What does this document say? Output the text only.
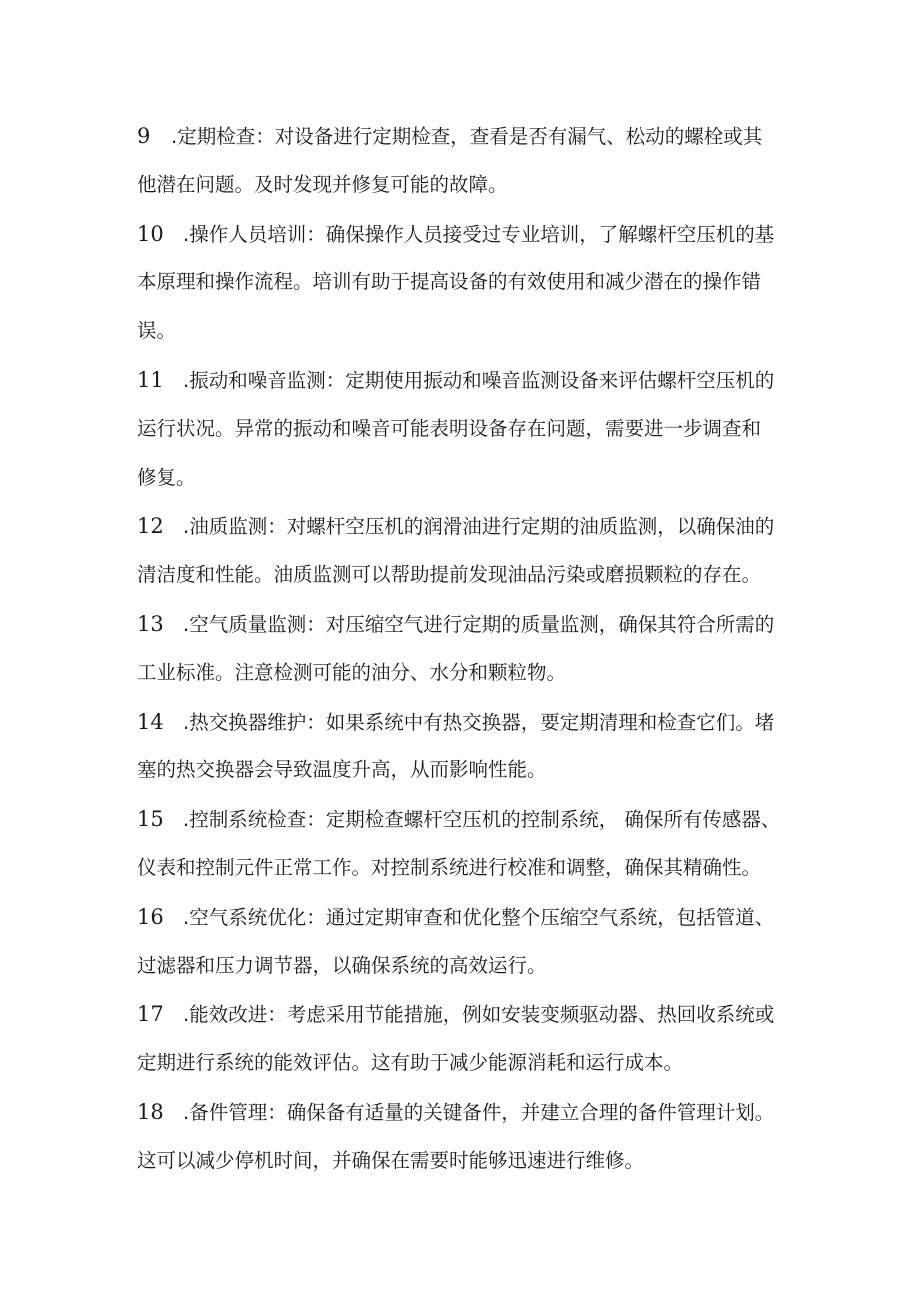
9 .定期检查：对设备进行定期检查，查看是否有漏气、松动的螺栓或其
他潜在问题。及时发现并修复可能的故障。
10 .操作人员培训：确保操作人员接受过专业培训，了解螺杆空压机的基
本原理和操作流程。培训有助于提高设备的有效使用和减少潜在的操作错
误。
11 .振动和噪音监测：定期使用振动和噪音监测设备来评估螺杆空压机的
运行状况。异常的振动和噪音可能表明设备存在问题，需要进一步调查和
修复。
12 .油质监测：对螺杆空压机的润滑油进行定期的油质监测，以确保油的
清洁度和性能。油质监测可以帮助提前发现油品污染或磨损颗粒的存在。
13 .空气质量监测：对压缩空气进行定期的质量监测，确保其符合所需的
工业标准。注意检测可能的油分、水分和颗粒物。
14 .热交换器维护：如果系统中有热交换器，要定期清理和检查它们。堵
塞的热交换器会导致温度升高，从而影响性能。
15 .控制系统检查：定期检查螺杆空压机的控制系统， 确保所有传感器、
仪表和控制元件正常工作。对控制系统进行校准和调整，确保其精确性。
16 .空气系统优化：通过定期审查和优化整个压缩空气系统，包括管道、
过滤器和压力调节器，以确保系统的高效运行。
17 .能效改进：考虑采用节能措施，例如安装变频驱动器、热回收系统或
定期进行系统的能效评估。这有助于减少能源消耗和运行成本。
18 .备件管理：确保备有适量的关键备件，并建立合理的备件管理计划。
这可以减少停机时间，并确保在需要时能够迅速进行维修。
